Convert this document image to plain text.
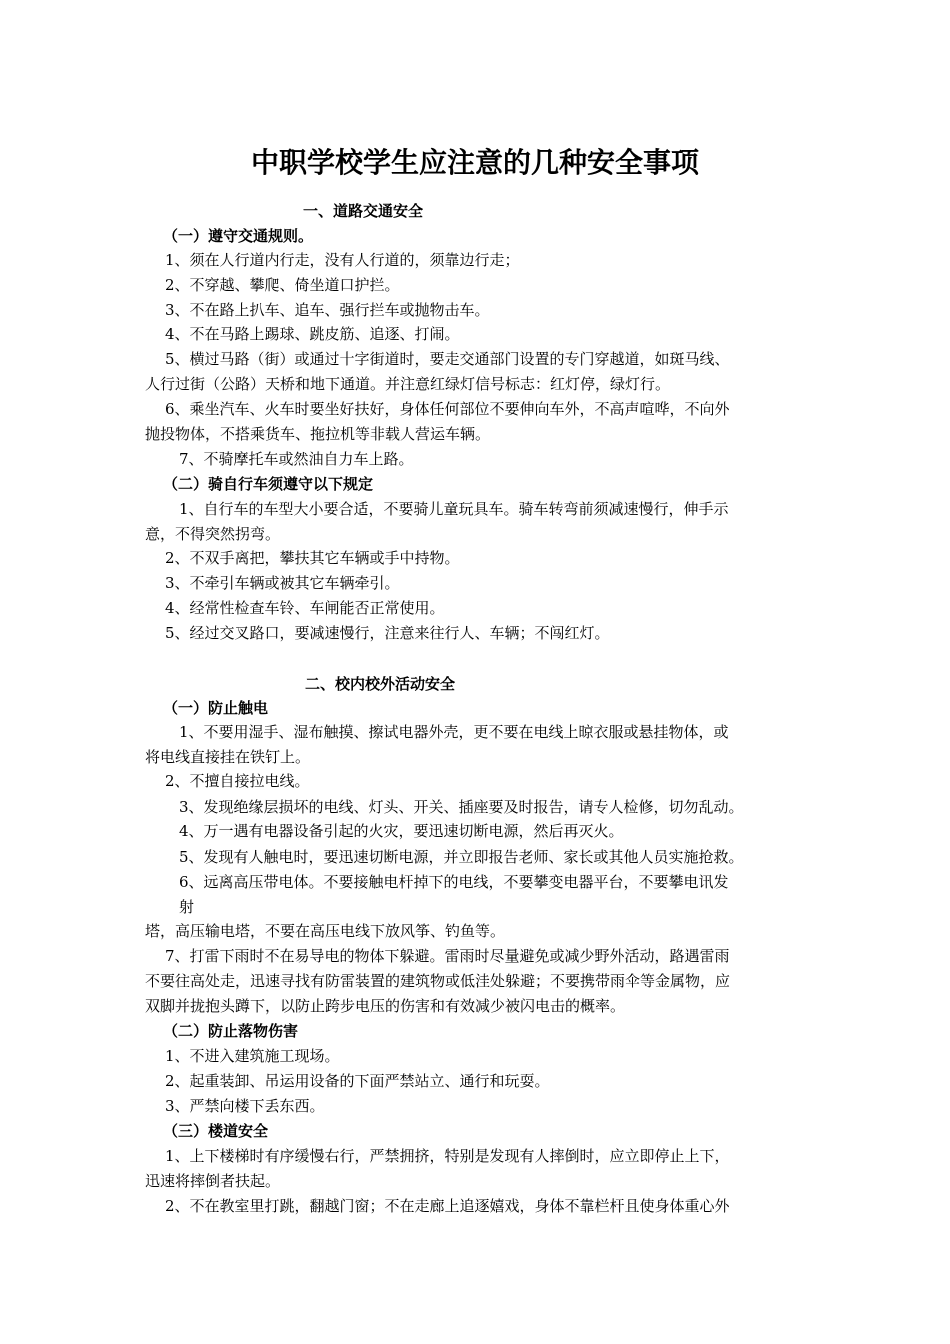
中职学校学生应注意的几种安全事项
一、道路交通安全
（一）遵守交通规则。
1、须在人行道内行走，没有人行道的，须靠边行走；
2、不穿越、攀爬、倚坐道口护拦。
3、不在路上扒车、追车、强行拦车或抛物击车。
4、不在马路上踢球、跳皮筋、追逐、打闹。
5、横过马路（街）或通过十字街道时，要走交通部门设置的专门穿越道，如斑马线、
人行过街（公路）天桥和地下通道。并注意红绿灯信号标志：红灯停，绿灯行。
6、乘坐汽车、火车时要坐好扶好，身体任何部位不要伸向车外，不高声喧哗，不向外
抛投物体，不搭乘货车、拖拉机等非载人营运车辆。
7、不骑摩托车或然油自力车上路。
（二）骑自行车须遵守以下规定
1、自行车的车型大小要合适，不要骑儿童玩具车。骑车转弯前须减速慢行，伸手示
意，不得突然拐弯。
2、不双手离把，攀扶其它车辆或手中持物。
3、不牵引车辆或被其它车辆牵引。
4、经常性检查车铃、车闸能否正常使用。
5、经过交叉路口，要减速慢行，注意来往行人、车辆；不闯红灯。
二、校内校外活动安全
（一）防止触电
1、不要用湿手、湿布触摸、擦试电器外壳，更不要在电线上晾衣服或悬挂物体，或
将电线直接挂在铁钉上。
2、不擅自接拉电线。
3、发现绝缘层损坏的电线、灯头、开关、插座要及时报告，请专人检修，切勿乱动。
4、万一遇有电器设备引起的火灾，要迅速切断电源，然后再灭火。
5、发现有人触电时，要迅速切断电源，并立即报告老师、家长或其他人员实施抢救。
6、远离高压带电体。不要接触电杆掉下的电线，不要攀变电器平台，不要攀电讯发
射
塔，高压输电塔，不要在高压电线下放风筝、钓鱼等。
7、打雷下雨时不在易导电的物体下躲避。雷雨时尽量避免或减少野外活动，路遇雷雨
不要往高处走，迅速寻找有防雷装置的建筑物或低洼处躲避；不要携带雨伞等金属物，应
双脚并拢抱头蹲下，以防止跨步电压的伤害和有效减少被闪电击的概率。
（二）防止落物伤害
1、不进入建筑施工现场。
2、起重装卸、吊运用设备的下面严禁站立、通行和玩耍。
3、严禁向楼下丢东西。
（三）楼道安全
1、上下楼梯时有序缓慢右行，严禁拥挤，特别是发现有人摔倒时，应立即停止上下，
迅速将摔倒者扶起。
2、不在教室里打跳，翻越门窗；不在走廊上追逐嬉戏，身体不靠栏杆且使身体重心外
